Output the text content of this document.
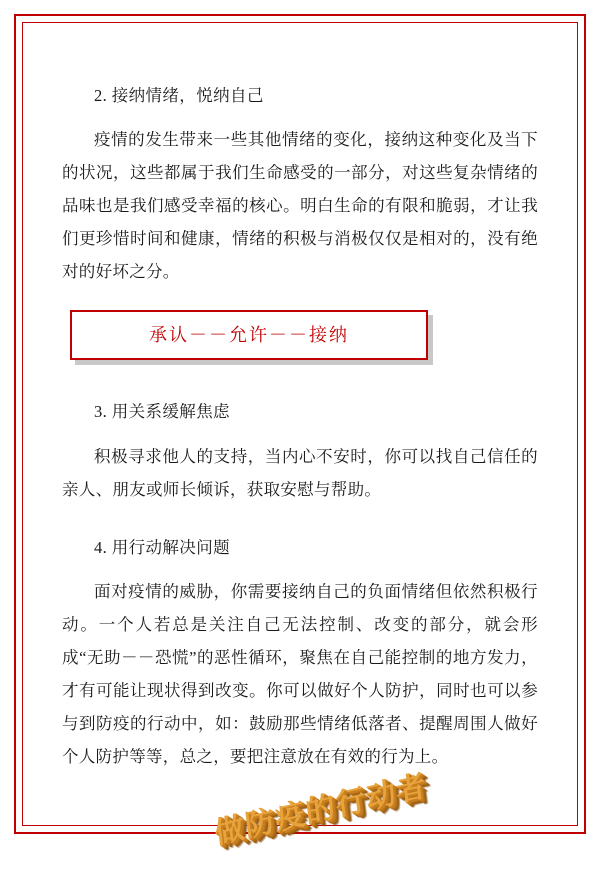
2. 接纳情绪，悦纳自己

疫情的发生带来一些其他情绪的变化，接纳这种变化及当下的状况，这些都属于我们生命感受的一部分，对这些复杂情绪的品味也是我们感受幸福的核心。明白生命的有限和脆弱，才让我们更珍惜时间和健康，情绪的积极与消极仅仅是相对的，没有绝对的好坏之分。

承认－－允许－－接纳
3. 用关系缓解焦虑

积极寻求他人的支持，当内心不安时，你可以找自己信任的亲人、朋友或师长倾诉，获取安慰与帮助。

4. 用行动解决问题

面对疫情的威胁，你需要接纳自己的负面情绪但依然积极行动。一个人若总是关注自己无法控制、改变的部分，就会形成“无助－－恐慌”的恶性循环，聚焦在自己能控制的地方发力，才有可能让现状得到改变。你可以做好个人防护，同时也可以参与到防疫的行动中，如：鼓励那些情绪低落者、提醒周围人做好个人防护等等，总之，要把注意放在有效的行为上。

做防疫的行动者
